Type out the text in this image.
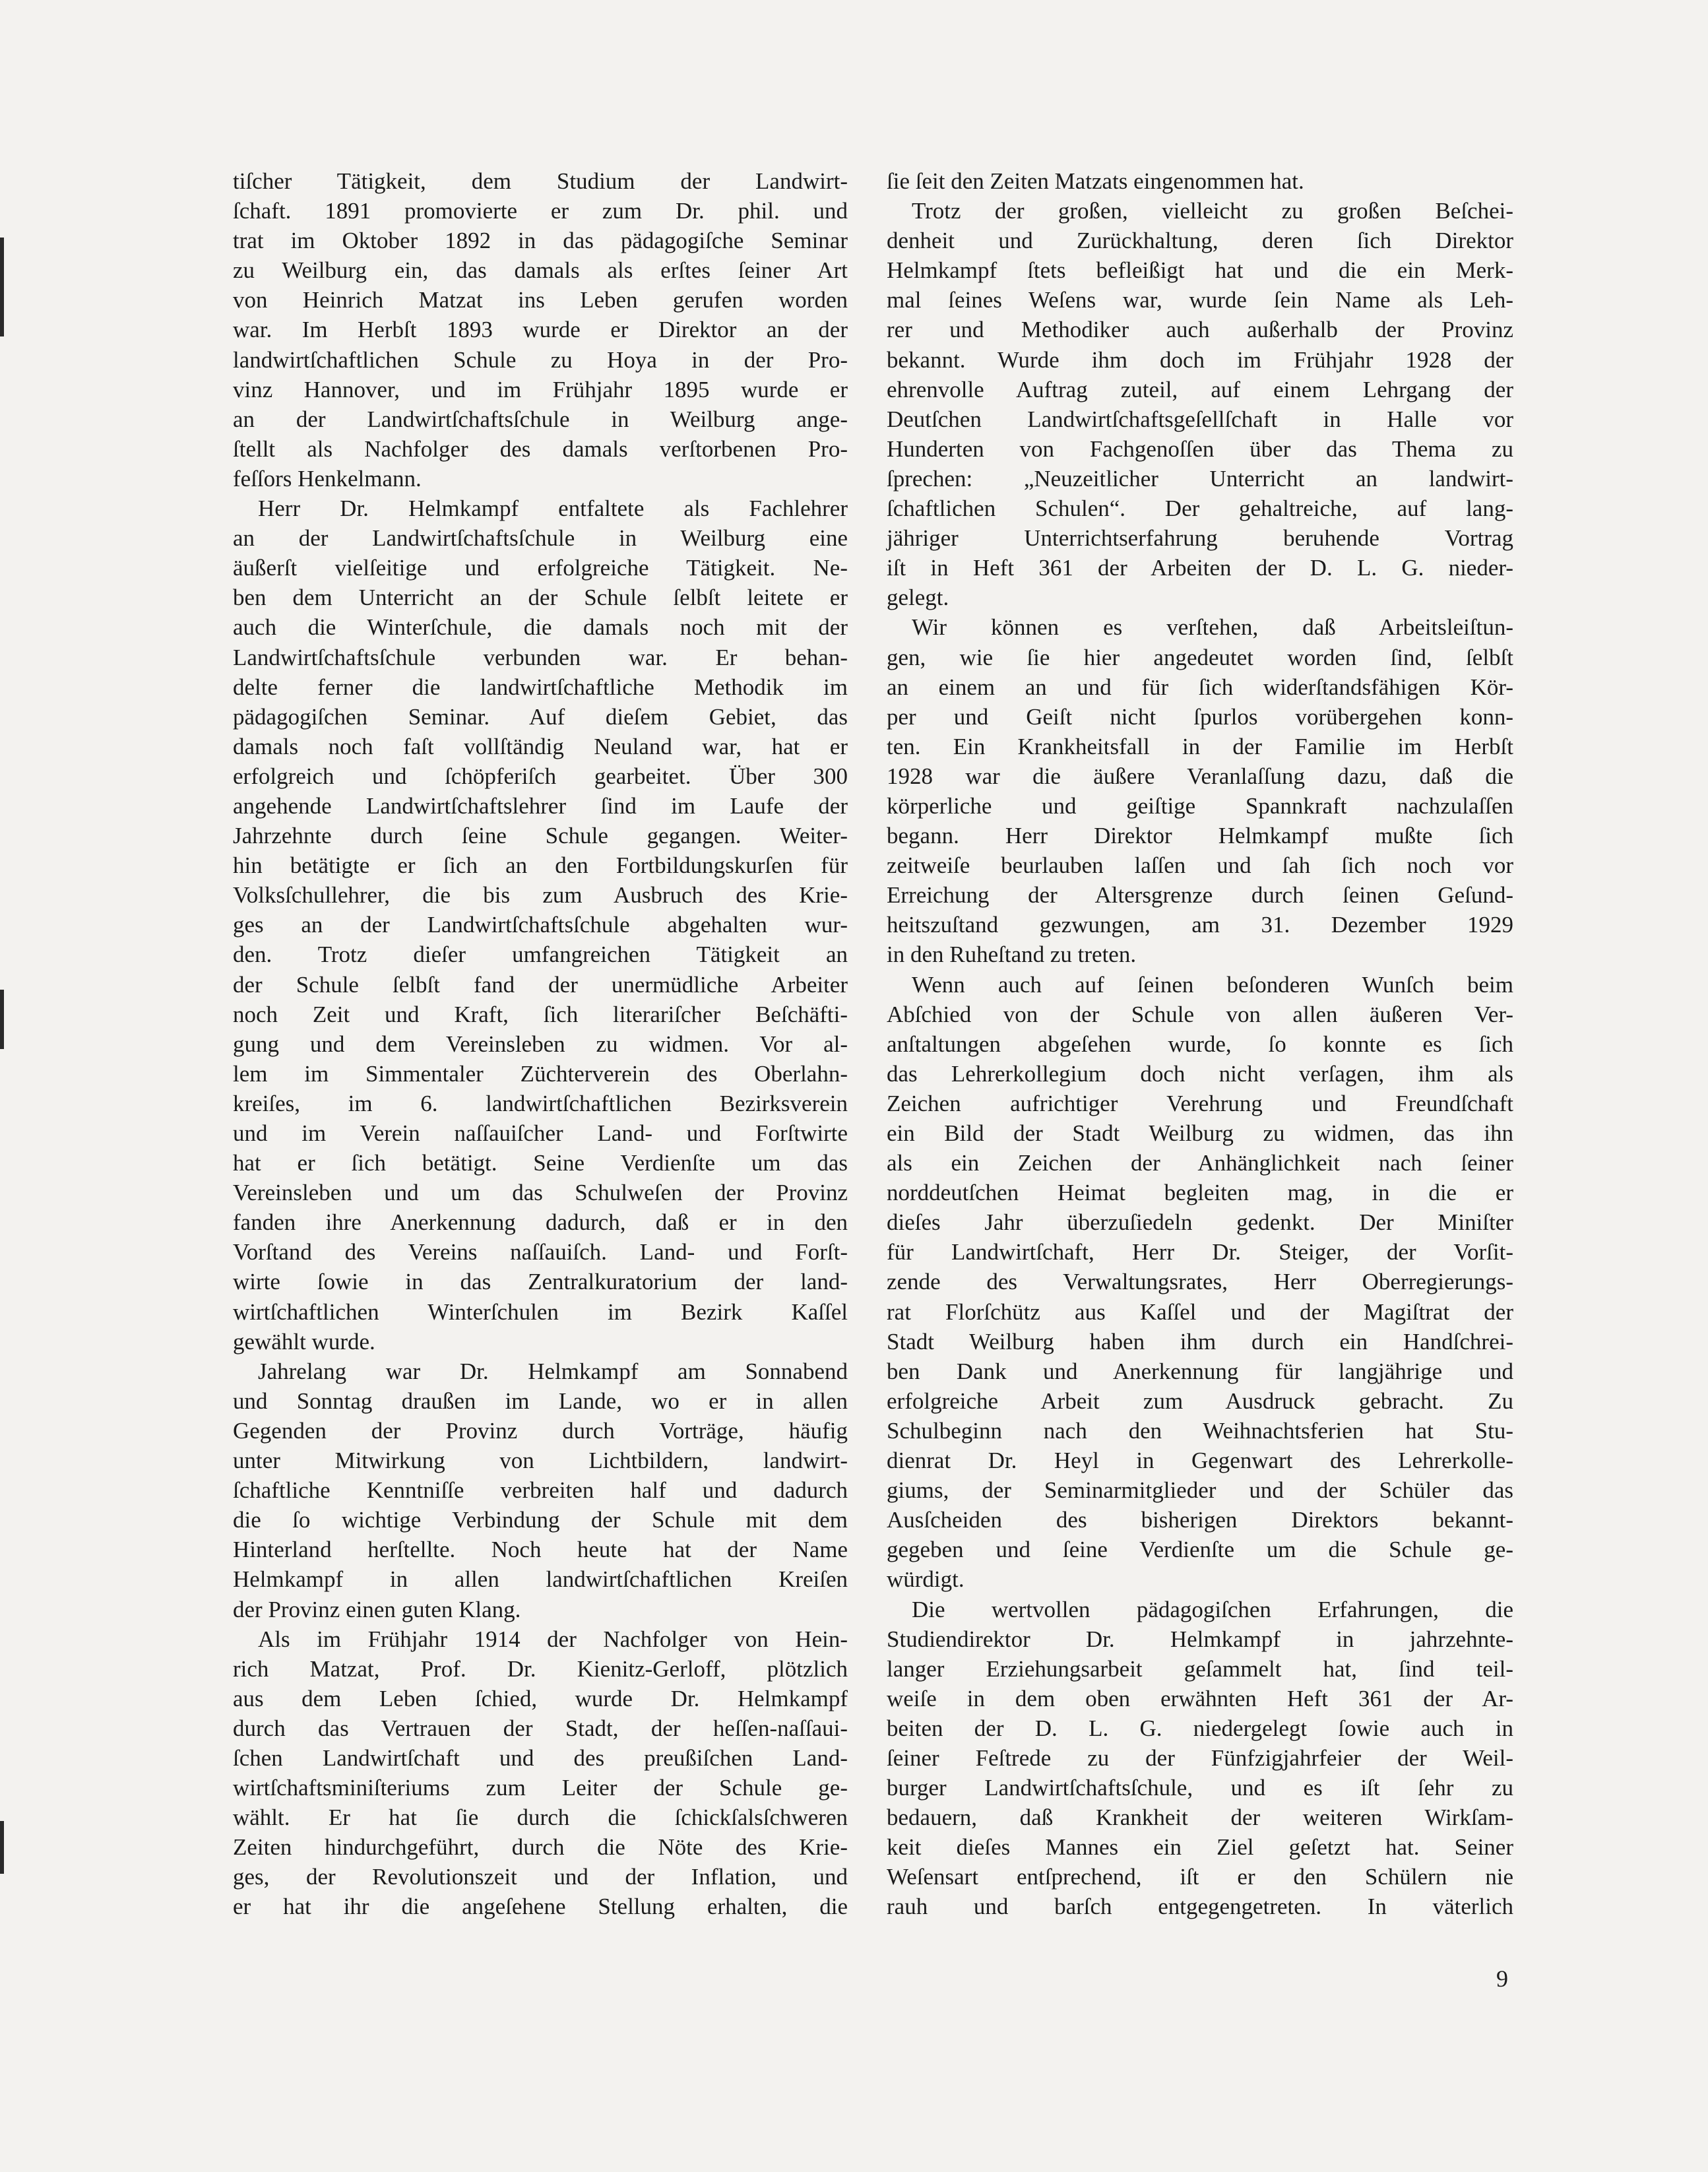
tiſcher Tätigkeit, dem Studium der Landwirt-
ſchaft. 1891 promovierte er zum Dr. phil. und
trat im Oktober 1892 in das pädagogiſche Seminar
zu Weilburg ein, das damals als erſtes ſeiner Art
von Heinrich Matzat ins Leben gerufen worden
war. Im Herbſt 1893 wurde er Direktor an der
landwirtſchaftlichen Schule zu Hoya in der Pro-
vinz Hannover, und im Frühjahr 1895 wurde er
an der Landwirtſchaftsſchule in Weilburg ange-
ſtellt als Nachfolger des damals verſtorbenen Pro-
feſſors Henkelmann.
Herr Dr. Helmkampf entfaltete als Fachlehrer
an der Landwirtſchaftsſchule in Weilburg eine
äußerſt vielſeitige und erfolgreiche Tätigkeit. Ne-
ben dem Unterricht an der Schule ſelbſt leitete er
auch die Winterſchule, die damals noch mit der
Landwirtſchaftsſchule verbunden war. Er behan-
delte ferner die landwirtſchaftliche Methodik im
pädagogiſchen Seminar. Auf dieſem Gebiet, das
damals noch faſt vollſtändig Neuland war, hat er
erfolgreich und ſchöpferiſch gearbeitet. Über 300
angehende Landwirtſchaftslehrer ſind im Laufe der
Jahrzehnte durch ſeine Schule gegangen. Weiter-
hin betätigte er ſich an den Fortbildungskurſen für
Volksſchullehrer, die bis zum Ausbruch des Krie-
ges an der Landwirtſchaftsſchule abgehalten wur-
den. Trotz dieſer umfangreichen Tätigkeit an
der Schule ſelbſt fand der unermüdliche Arbeiter
noch Zeit und Kraft, ſich literariſcher Beſchäfti-
gung und dem Vereinsleben zu widmen. Vor al-
lem im Simmentaler Züchterverein des Oberlahn-
kreiſes, im 6. landwirtſchaftlichen Bezirksverein
und im Verein naſſauiſcher Land- und Forſtwirte
hat er ſich betätigt. Seine Verdienſte um das
Vereinsleben und um das Schulweſen der Provinz
fanden ihre Anerkennung dadurch, daß er in den
Vorſtand des Vereins naſſauiſch. Land- und Forſt-
wirte ſowie in das Zentralkuratorium der land-
wirtſchaftlichen Winterſchulen im Bezirk Kaſſel
gewählt wurde.
Jahrelang war Dr. Helmkampf am Sonnabend
und Sonntag draußen im Lande, wo er in allen
Gegenden der Provinz durch Vorträge, häufig
unter Mitwirkung von Lichtbildern, landwirt-
ſchaftliche Kenntniſſe verbreiten half und dadurch
die ſo wichtige Verbindung der Schule mit dem
Hinterland herſtellte. Noch heute hat der Name
Helmkampf in allen landwirtſchaftlichen Kreiſen
der Provinz einen guten Klang.
Als im Frühjahr 1914 der Nachfolger von Hein-
rich Matzat, Prof. Dr. Kienitz-Gerloff, plötzlich
aus dem Leben ſchied, wurde Dr. Helmkampf
durch das Vertrauen der Stadt, der heſſen-naſſaui-
ſchen Landwirtſchaft und des preußiſchen Land-
wirtſchaftsminiſteriums zum Leiter der Schule ge-
wählt. Er hat ſie durch die ſchickſalsſchweren
Zeiten hindurchgeführt, durch die Nöte des Krie-
ges, der Revolutionszeit und der Inflation, und
er hat ihr die angeſehene Stellung erhalten, die
ſie ſeit den Zeiten Matzats eingenommen hat.
Trotz der großen, vielleicht zu großen Beſchei-
denheit und Zurückhaltung, deren ſich Direktor
Helmkampf ſtets befleißigt hat und die ein Merk-
mal ſeines Weſens war, wurde ſein Name als Leh-
rer und Methodiker auch außerhalb der Provinz
bekannt. Wurde ihm doch im Frühjahr 1928 der
ehrenvolle Auftrag zuteil, auf einem Lehrgang der
Deutſchen Landwirtſchaftsgeſellſchaft in Halle vor
Hunderten von Fachgenoſſen über das Thema zu
ſprechen: „Neuzeitlicher Unterricht an landwirt-
ſchaftlichen Schulen“. Der gehaltreiche, auf lang-
jähriger Unterrichtserfahrung beruhende Vortrag
iſt in Heft 361 der Arbeiten der D. L. G. nieder-
gelegt.
Wir können es verſtehen, daß Arbeitsleiſtun-
gen, wie ſie hier angedeutet worden ſind, ſelbſt
an einem an und für ſich widerſtandsfähigen Kör-
per und Geiſt nicht ſpurlos vorübergehen konn-
ten. Ein Krankheitsfall in der Familie im Herbſt
1928 war die äußere Veranlaſſung dazu, daß die
körperliche und geiſtige Spannkraft nachzulaſſen
begann. Herr Direktor Helmkampf mußte ſich
zeitweiſe beurlauben laſſen und ſah ſich noch vor
Erreichung der Altersgrenze durch ſeinen Geſund-
heitszuſtand gezwungen, am 31. Dezember 1929
in den Ruheſtand zu treten.
Wenn auch auf ſeinen beſonderen Wunſch beim
Abſchied von der Schule von allen äußeren Ver-
anſtaltungen abgeſehen wurde, ſo konnte es ſich
das Lehrerkollegium doch nicht verſagen, ihm als
Zeichen aufrichtiger Verehrung und Freundſchaft
ein Bild der Stadt Weilburg zu widmen, das ihn
als ein Zeichen der Anhänglichkeit nach ſeiner
norddeutſchen Heimat begleiten mag, in die er
dieſes Jahr überzuſiedeln gedenkt. Der Miniſter
für Landwirtſchaft, Herr Dr. Steiger, der Vorſit-
zende des Verwaltungsrates, Herr Oberregierungs-
rat Florſchütz aus Kaſſel und der Magiſtrat der
Stadt Weilburg haben ihm durch ein Handſchrei-
ben Dank und Anerkennung für langjährige und
erfolgreiche Arbeit zum Ausdruck gebracht. Zu
Schulbeginn nach den Weihnachtsferien hat Stu-
dienrat Dr. Heyl in Gegenwart des Lehrerkolle-
giums, der Seminarmitglieder und der Schüler das
Ausſcheiden des bisherigen Direktors bekannt-
gegeben und ſeine Verdienſte um die Schule ge-
würdigt.
Die wertvollen pädagogiſchen Erfahrungen, die
Studiendirektor Dr. Helmkampf in jahrzehnte-
langer Erziehungsarbeit geſammelt hat, ſind teil-
weiſe in dem oben erwähnten Heft 361 der Ar-
beiten der D. L. G. niedergelegt ſowie auch in
ſeiner Feſtrede zu der Fünfzigjahrfeier der Weil-
burger Landwirtſchaftsſchule, und es iſt ſehr zu
bedauern, daß Krankheit der weiteren Wirkſam-
keit dieſes Mannes ein Ziel geſetzt hat. Seiner
Weſensart entſprechend, iſt er den Schülern nie
rauh und barſch entgegengetreten. In väterlich
9
